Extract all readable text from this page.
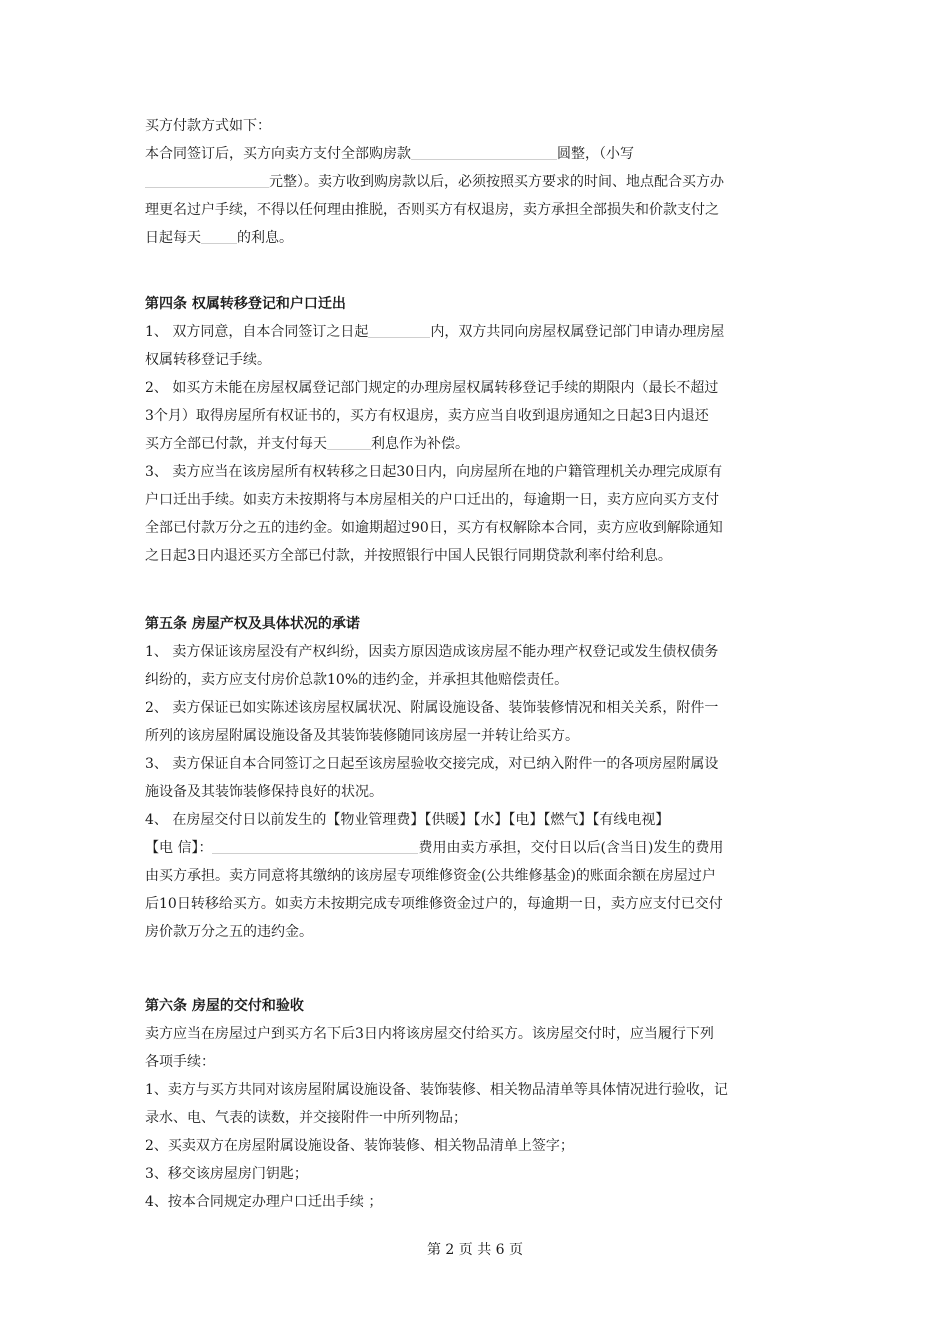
买方付款方式如下：
本合同签订后，买方向卖方支付全部购房款	圆整，（小写
元整）。卖方收到购房款以后，必须按照买方要求的时间、地点配合买方办
理更名过户手续，不得以任何理由推脱，否则买方有权退房，卖方承担全部损失和价款支付之
日起每天	的利息。
第四条 权属转移登记和户口迁出
1、 双方同意，自本合同签订之日起	内，双方共同向房屋权属登记部门申请办理房屋
权属转移登记手续。
2、 如买方未能在房屋权属登记部门规定的办理房屋权属转移登记手续的期限内（最长不超过
3个月）取得房屋所有权证书的，买方有权退房，卖方应当自收到退房通知之日起3日内退还
买方全部已付款，并支付每天	利息作为补偿。
3、 卖方应当在该房屋所有权转移之日起30日内，向房屋所在地的户籍管理机关办理完成原有
户口迁出手续。如卖方未按期将与本房屋相关的户口迁出的，每逾期一日，卖方应向买方支付
全部已付款万分之五的违约金。如逾期超过90日，买方有权解除本合同，卖方应收到解除通知
之日起3日内退还买方全部已付款，并按照银行中国人民银行同期贷款利率付给利息。
第五条 房屋产权及具体状况的承诺
1、 卖方保证该房屋没有产权纠纷，因卖方原因造成该房屋不能办理产权登记或发生债权债务
纠纷的，卖方应支付房价总款10%的违约金，并承担其他赔偿责任。
2、 卖方保证已如实陈述该房屋权属状况、附属设施设备、装饰装修情况和相关关系，附件一
所列的该房屋附属设施设备及其装饰装修随同该房屋一并转让给买方。
3、 卖方保证自本合同签订之日起至该房屋验收交接完成，对已纳入附件一的各项房屋附属设
施设备及其装饰装修保持良好的状况。
4、 在房屋交付日以前发生的【物业管理费】【供暖】【水】【电】【燃气】【有线电视】
【电 信】：	费用由卖方承担，交付日以后(含当日)发生的费用
由买方承担。卖方同意将其缴纳的该房屋专项维修资金(公共维修基金)的账面余额在房屋过户
后10日转移给买方。如卖方未按期完成专项维修资金过户的，每逾期一日，卖方应支付已交付
房价款万分之五的违约金。
第六条 房屋的交付和验收
卖方应当在房屋过户到买方名下后3日内将该房屋交付给买方。该房屋交付时，应当履行下列
各项手续：
1、卖方与买方共同对该房屋附属设施设备、装饰装修、相关物品清单等具体情况进行验收，记
录水、电、气表的读数，并交接附件一中所列物品；
2、买卖双方在房屋附属设施设备、装饰装修、相关物品清单上签字；
3、移交该房屋房门钥匙；
4、按本合同规定办理户口迁出手续 ；
第 2 页 共 6 页
